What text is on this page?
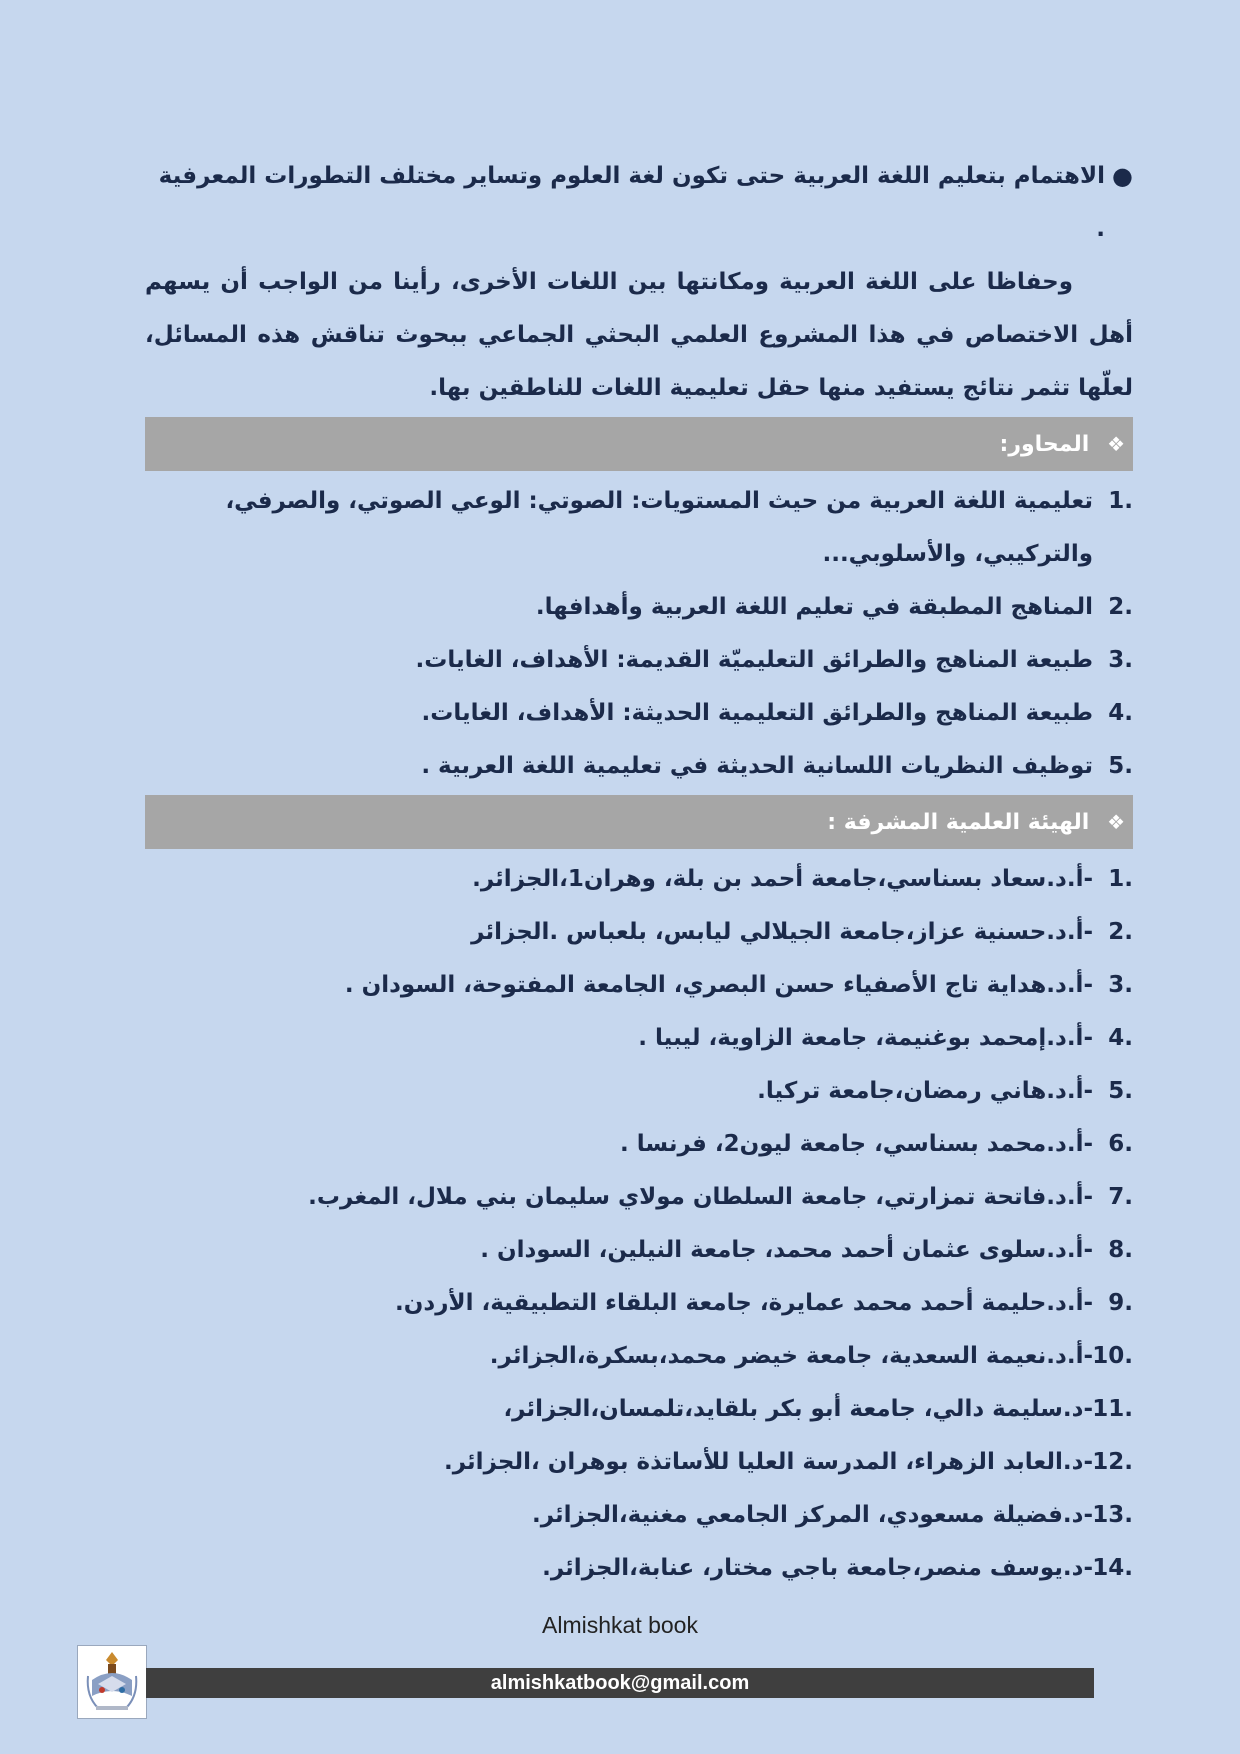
●
الاهتمام بتعليم اللغة العربية حتى تكون لغة العلوم وتساير مختلف التطورات المعرفية .

وحفاظا على اللغة العربية ومكانتها بين اللغات الأخرى، رأينا من الواجب أن يسهم أهل الاختصاص في هذا المشروع العلمي البحثي الجماعي ببحوث تناقش هذه المسائل، لعلّها تثمر نتائج يستفيد منها حقل تعليمية اللغات للناطقين بها.

❖ المحاور:
1.
تعليمية اللغة العربية من حيث المستويات: الصوتي: الوعي الصوتي، والصرفي، والتركيبي، والأسلوبي...
2.
المناهج المطبقة في تعليم اللغة العربية وأهدافها.
3.
طبيعة المناهج والطرائق التعليميّة القديمة: الأهداف، الغايات.
4.
طبيعة المناهج والطرائق التعليمية الحديثة: الأهداف، الغايات.
5.
توظيف النظريات اللسانية الحديثة في تعليمية اللغة العربية .
❖ الهيئة العلمية المشرفة :
1.
-أ.د.سعاد بسناسي،جامعة أحمد بن بلة، وهران1،الجزائر.
2.
-أ.د.حسنية عزاز،جامعة الجيلالي ليابس، بلعباس .الجزائر
3.
-أ.د.هداية تاج الأصفياء حسن البصري، الجامعة المفتوحة، السودان .
4.
-أ.د.إمحمد بوغنيمة، جامعة الزاوية، ليبيا .
5.
-أ.د.هاني رمضان،جامعة تركيا.
6.
-أ.د.محمد بسناسي، جامعة ليون2، فرنسا .
7.
-أ.د.فاتحة تمزارتي، جامعة السلطان مولاي سليمان بني ملال، المغرب.
8.
-أ.د.سلوى عثمان أحمد محمد، جامعة النيلين، السودان .
9.
-أ.د.حليمة أحمد محمد عمايرة، جامعة البلقاء التطبيقية، الأردن.
10.
-أ.د.نعيمة السعدية، جامعة خيضر محمد،بسكرة،الجزائر.
11.
-د.سليمة دالي، جامعة أبو بكر بلقايد،تلمسان،الجزائر،
12.
-د.العابد الزهراء، المدرسة العليا للأساتذة بوهران ،الجزائر.
13.
-د.فضيلة مسعودي، المركز الجامعي مغنية،الجزائر.
14.
-د.يوسف منصر،جامعة باجي مختار، عنابة،الجزائر.
Almishkat book
almishkatbook@gmail.com
